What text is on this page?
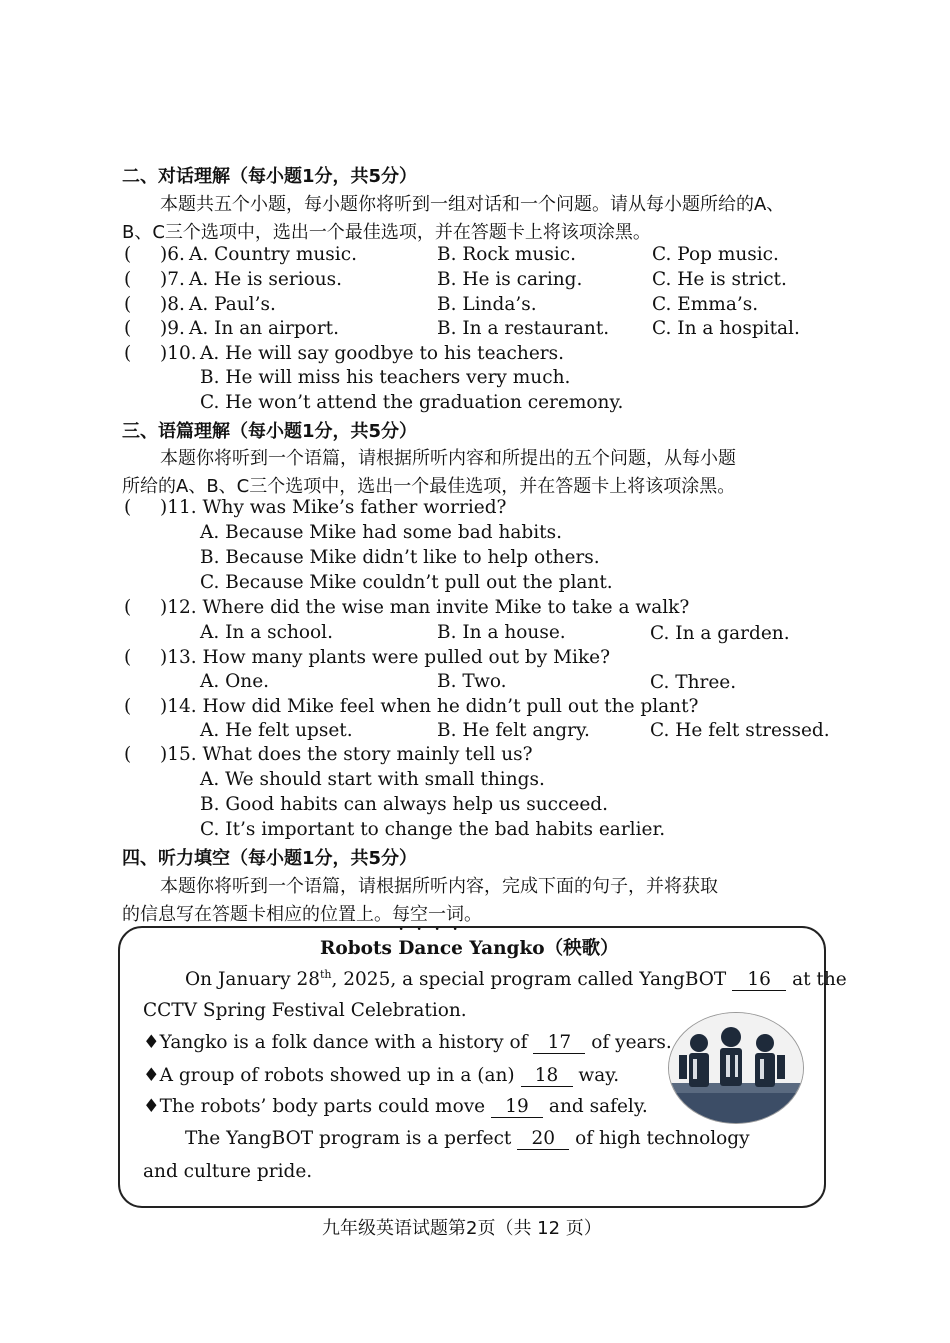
二、对话理解（每小题1分，共5分）
本题共五个小题，每小题你将听到一组对话和一个问题。请从每小题所给的A、
B、C三个选项中，选出一个最佳选项，并在答题卡上将该项涂黑。
( )6. A. Country music.	B. Rock music.	C. Pop music.
( )7. A. He is serious.	B. He is caring.	C. He is strict.
( )8. A. Paul’s.	B. Linda’s.	C. Emma’s.
( )9. A. In an airport.	B. In a restaurant. C. In a hospital.
( )10. A. He will say goodbye to his teachers.
B. He will miss his teachers very much.
C. He won’t attend the graduation ceremony.
三、语篇理解（每小题1分，共5分）
本题你将听到一个语篇，请根据所听内容和所提出的五个问题，从每小题
所给的A、B、C三个选项中，选出一个最佳选项，并在答题卡上将该项涂黑。
( )11. Why was Mike’s father worried?
A. Because Mike had some bad habits.
B. Because Mike didn’t like to help others.
C. Because Mike couldn’t pull out the plant.
( )12. Where did the wise man invite Mike to take a walk?
A. In a school.	B. In a house.	C. In a garden.
( )13. How many plants were pulled out by Mike?
A. One.	B. Two.	C. Three.
( )14. How did Mike feel when he didn’t pull out the plant?
A. He felt upset.	B. He felt angry.	C. He felt stressed.
( )15. What does the story mainly tell us?
A. We should start with small things.
B. Good habits can always help us succeed.
C. It’s important to change the bad habits earlier.
四、听力填空（每小题1分，共5分）
本题你将听到一个语篇，请根据所听内容，完成下面的句子，并将获取
的信息写在答题卡相应的位置上。每空一词。
Robots Dance Yangko（秧歌）
On January 28th, 2025, a special program called YangBOT 16 at the
CCTV Spring Festival Celebration.
♦Yangko is a folk dance with a history of 17 of years.
♦A group of robots showed up in a (an) 18 way.
♦The robots’ body parts could move 19 and safely.
The YangBOT program is a perfect 20 of high technology
and culture pride.
九年级英语试题第2页（共 12 页）
